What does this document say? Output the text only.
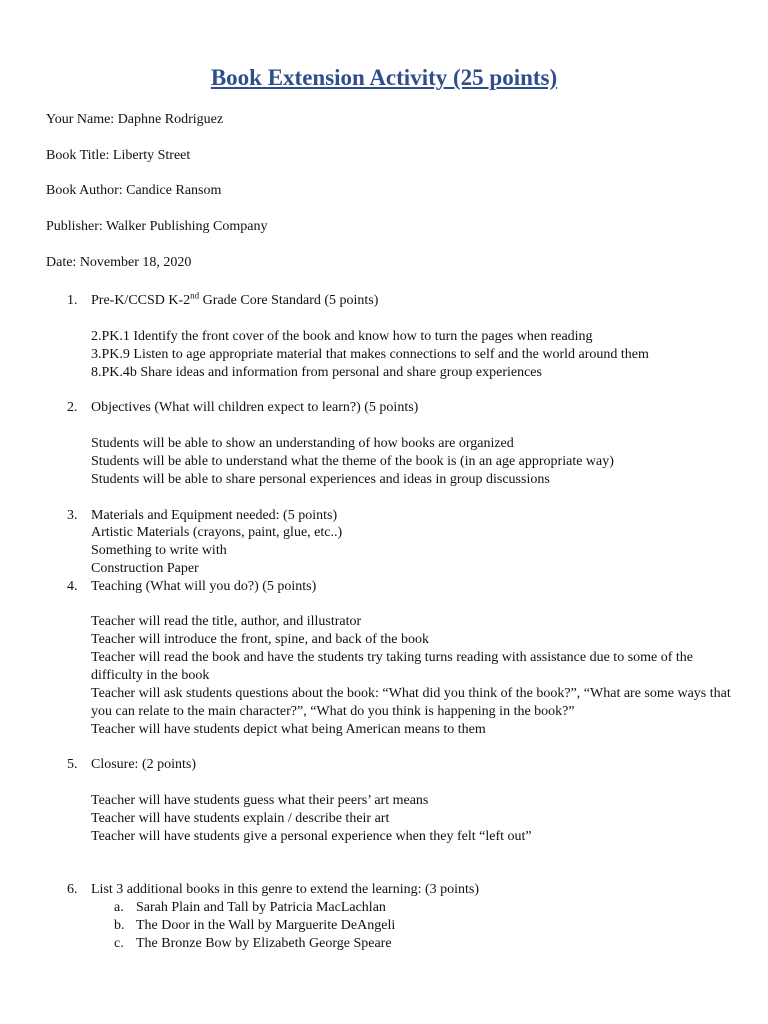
Book Extension Activity (25 points)
Your Name: Daphne Rodriguez
Book Title: Liberty Street
Book Author: Candice Ransom
Publisher: Walker Publishing Company
Date: November 18, 2020
1. Pre-K/CCSD K-2nd Grade Core Standard (5 points)
2.PK.1 Identify the front cover of the book and know how to turn the pages when reading
3.PK.9 Listen to age appropriate material that makes connections to self and the world around them
8.PK.4b Share ideas and information from personal and share group experiences
2. Objectives (What will children expect to learn?) (5 points)
Students will be able to show an understanding of how books are organized
Students will be able to understand what the theme of the book is (in an age appropriate way)
Students will be able to share personal experiences and ideas in group discussions
3. Materials and Equipment needed: (5 points)
Artistic Materials (crayons, paint, glue, etc..)
Something to write with
Construction Paper
4. Teaching (What will you do?) (5 points)
Teacher will read the title, author, and illustrator
Teacher will introduce the front, spine, and back of the book
Teacher will read the book and have the students try taking turns reading with assistance due to some of the difficulty in the book
Teacher will ask students questions about the book: “What did you think of the book?”, “What are some ways that you can relate to the main character?”, “What do you think is happening in the book?”
Teacher will have students depict what being American means to them
5. Closure: (2 points)
Teacher will have students guess what their peers’ art means
Teacher will have students explain / describe their art
Teacher will have students give a personal experience when they felt “left out”
6. List 3 additional books in this genre to extend the learning: (3 points)
a. Sarah Plain and Tall by Patricia MacLachlan
b. The Door in the Wall by Marguerite DeAngeli
c. The Bronze Bow by Elizabeth George Speare
